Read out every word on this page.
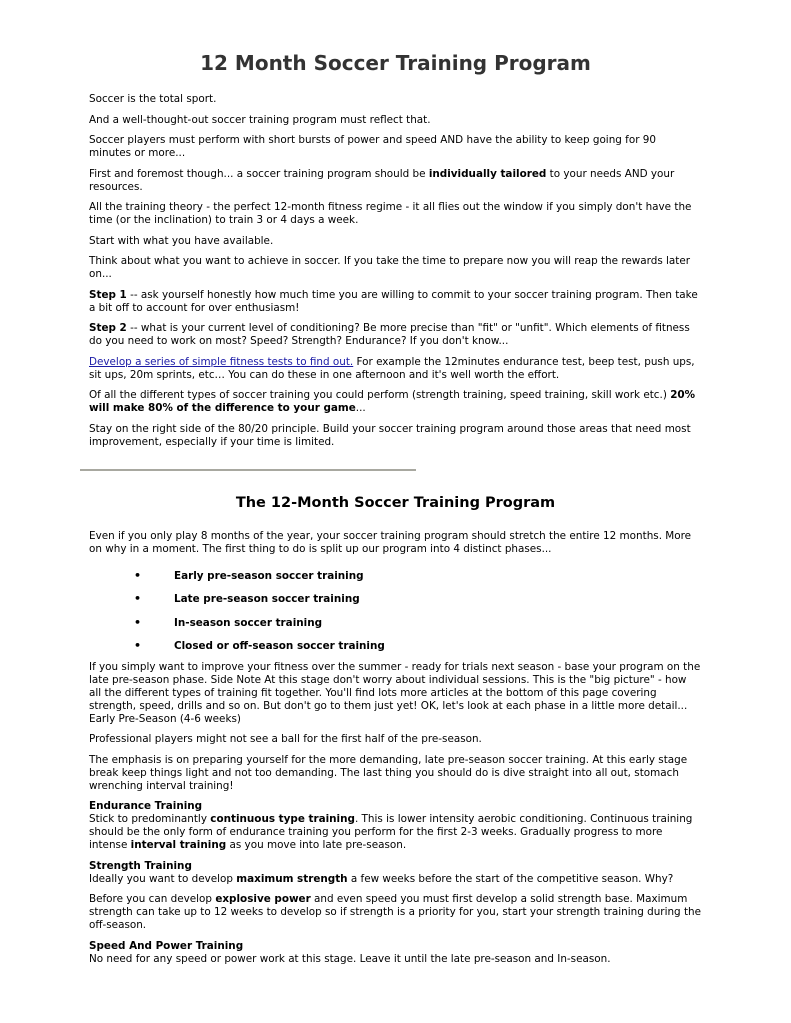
12 Month Soccer Training Program

Soccer is the total sport.

And a well-thought-out soccer training program must reflect that.

Soccer players must perform with short bursts of power and speed AND have the ability to keep going for 90 minutes or more...

First and foremost though... a soccer training program should be individually tailored to your needs AND your resources.

All the training theory - the perfect 12-month fitness regime - it all flies out the window if you simply don't have the time (or the inclination) to train 3 or 4 days a week.

Start with what you have available.

Think about what you want to achieve in soccer. If you take the time to prepare now you will reap the rewards later on...

Step 1 -- ask yourself honestly how much time you are willing to commit to your soccer training program. Then take a bit off to account for over enthusiasm!

Step 2 -- what is your current level of conditioning? Be more precise than "fit" or "unfit". Which elements of fitness do you need to work on most? Speed? Strength? Endurance? If you don't know...

Develop a series of simple fitness tests to find out. For example the 12minutes endurance test, beep test, push ups, sit ups, 20m sprints, etc… You can do these in one afternoon and it's well worth the effort.

Of all the different types of soccer training you could perform (strength training, speed training, skill work etc.) 20% will make 80% of the difference to your game...

Stay on the right side of the 80/20 principle. Build your soccer training program around those areas that need most improvement, especially if your time is limited.

The 12-Month Soccer Training Program

Even if you only play 8 months of the year, your soccer training program should stretch the entire 12 months. More on why in a moment. The first thing to do is split up our program into 4 distinct phases...

•	Early pre-season soccer training
•	Late pre-season soccer training
•	In-season soccer training
•	Closed or off-season soccer training

If you simply want to improve your fitness over the summer - ready for trials next season - base your program on the late pre-season phase. Side Note At this stage don't worry about individual sessions. This is the "big picture" - how all the different types of training fit together. You'll find lots more articles at the bottom of this page covering strength, speed, drills and so on. But don't go to them just yet! OK, let's look at each phase in a little more detail... Early Pre-Season (4-6 weeks)

Professional players might not see a ball for the first half of the pre-season.

The emphasis is on preparing yourself for the more demanding, late pre-season soccer training. At this early stage break keep things light and not too demanding. The last thing you should do is dive straight into all out, stomach wrenching interval training!

Endurance Training
Stick to predominantly continuous type training. This is lower intensity aerobic conditioning. Continuous training should be the only form of endurance training you perform for the first 2-3 weeks. Gradually progress to more intense interval training as you move into late pre-season.

Strength Training
Ideally you want to develop maximum strength a few weeks before the start of the competitive season. Why?

Before you can develop explosive power and even speed you must first develop a solid strength base. Maximum strength can take up to 12 weeks to develop so if strength is a priority for you, start your strength training during the off-season.

Speed And Power Training
No need for any speed or power work at this stage. Leave it until the late pre-season and In-season.
